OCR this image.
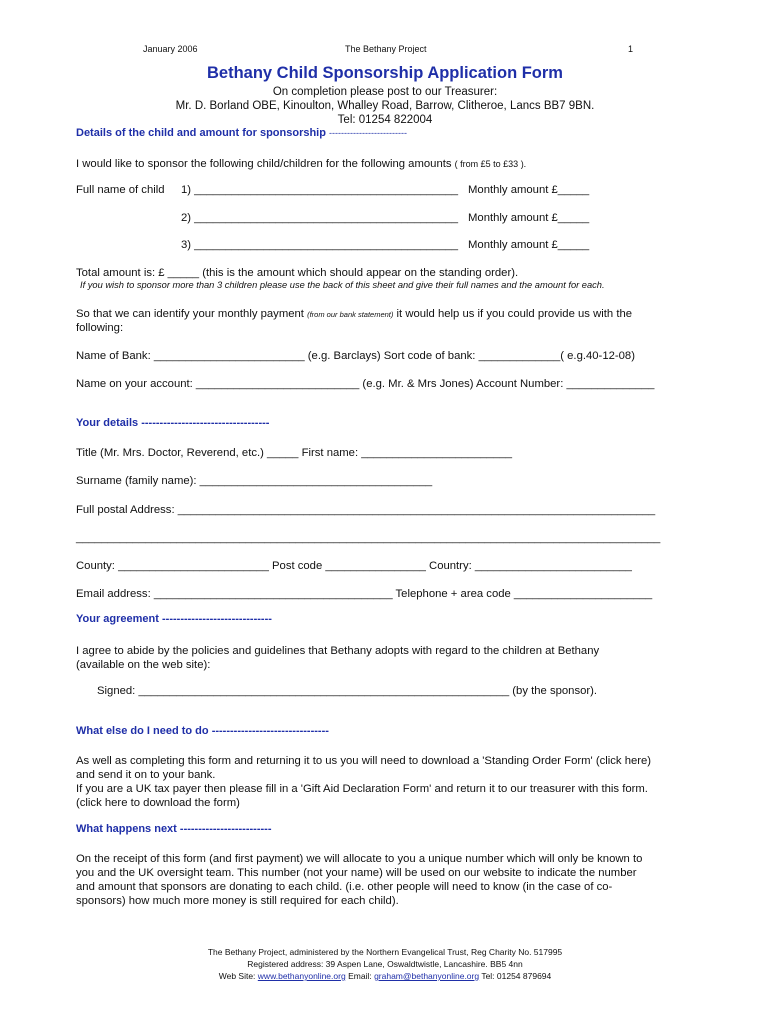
January 2006	The Bethany Project	1
Bethany Child Sponsorship Application Form
On completion please post to our Treasurer:
Mr. D. Borland OBE, Kinoulton, Whalley Road, Barrow, Clitheroe, Lancs BB7 9BN.
Tel: 01254 822004
Details of the child and amount for sponsorship --------------------------
I would like to sponsor the following child/children for the following amounts ( from £5 to £33 ).
Full name of child 1) __________________________________________ Monthly amount £_____
2) __________________________________________ Monthly amount £_____
3) __________________________________________ Monthly amount £_____
Total amount is: £ _____ (this is the amount which should appear on the standing order).
If you wish to sponsor more than 3 children please use the back of this sheet and give their full names and the amount for each.
So that we can identify your monthly payment (from our bank statement) it would help us if you could provide us with the
following:
Name of Bank: ________________________ (e.g. Barclays) Sort code of bank: _____________( e.g.40-12-08)
Name on your account: __________________________ (e.g. Mr. & Mrs Jones) Account Number: ______________
Your details -----------------------------------
Title (Mr. Mrs. Doctor, Reverend, etc.) _____ First name: ________________________
Surname (family name): _____________________________________
Full postal Address: ____________________________________________________________________________
_____________________________________________________________________________________________
County: ________________________ Post code ________________ Country: _________________________
Email address: ______________________________________ Telephone + area code ______________________
Your agreement ------------------------------
I agree to abide by the policies and guidelines that Bethany adopts with regard to the children at Bethany
(available on the web site):
Signed: ___________________________________________________________ (by the sponsor).
What else do I need to do --------------------------------
As well as completing this form and returning it to us you will need to download a 'Standing Order Form' (click here)
and send it on to your bank.
If you are a UK tax payer then please fill in a 'Gift Aid Declaration Form' and return it to our treasurer with this form.
(click here to download the form)
What happens next -------------------------
On the receipt of this form (and first payment) we will allocate to you a unique number which will only be known to
you and the UK oversight team. This number (not your name) will be used on our website to indicate the number
and amount that sponsors are donating to each child. (i.e. other people will need to know (in the case of co-
sponsors) how much more money is still required for each child).
The Bethany Project, administered by the Northern Evangelical Trust, Reg Charity No. 517995
Registered address: 39 Aspen Lane, Oswaldtwistle, Lancashire. BB5 4nn
Web Site: www.bethanyonline.org Email: graham@bethanyonline.org Tel: 01254 879694
